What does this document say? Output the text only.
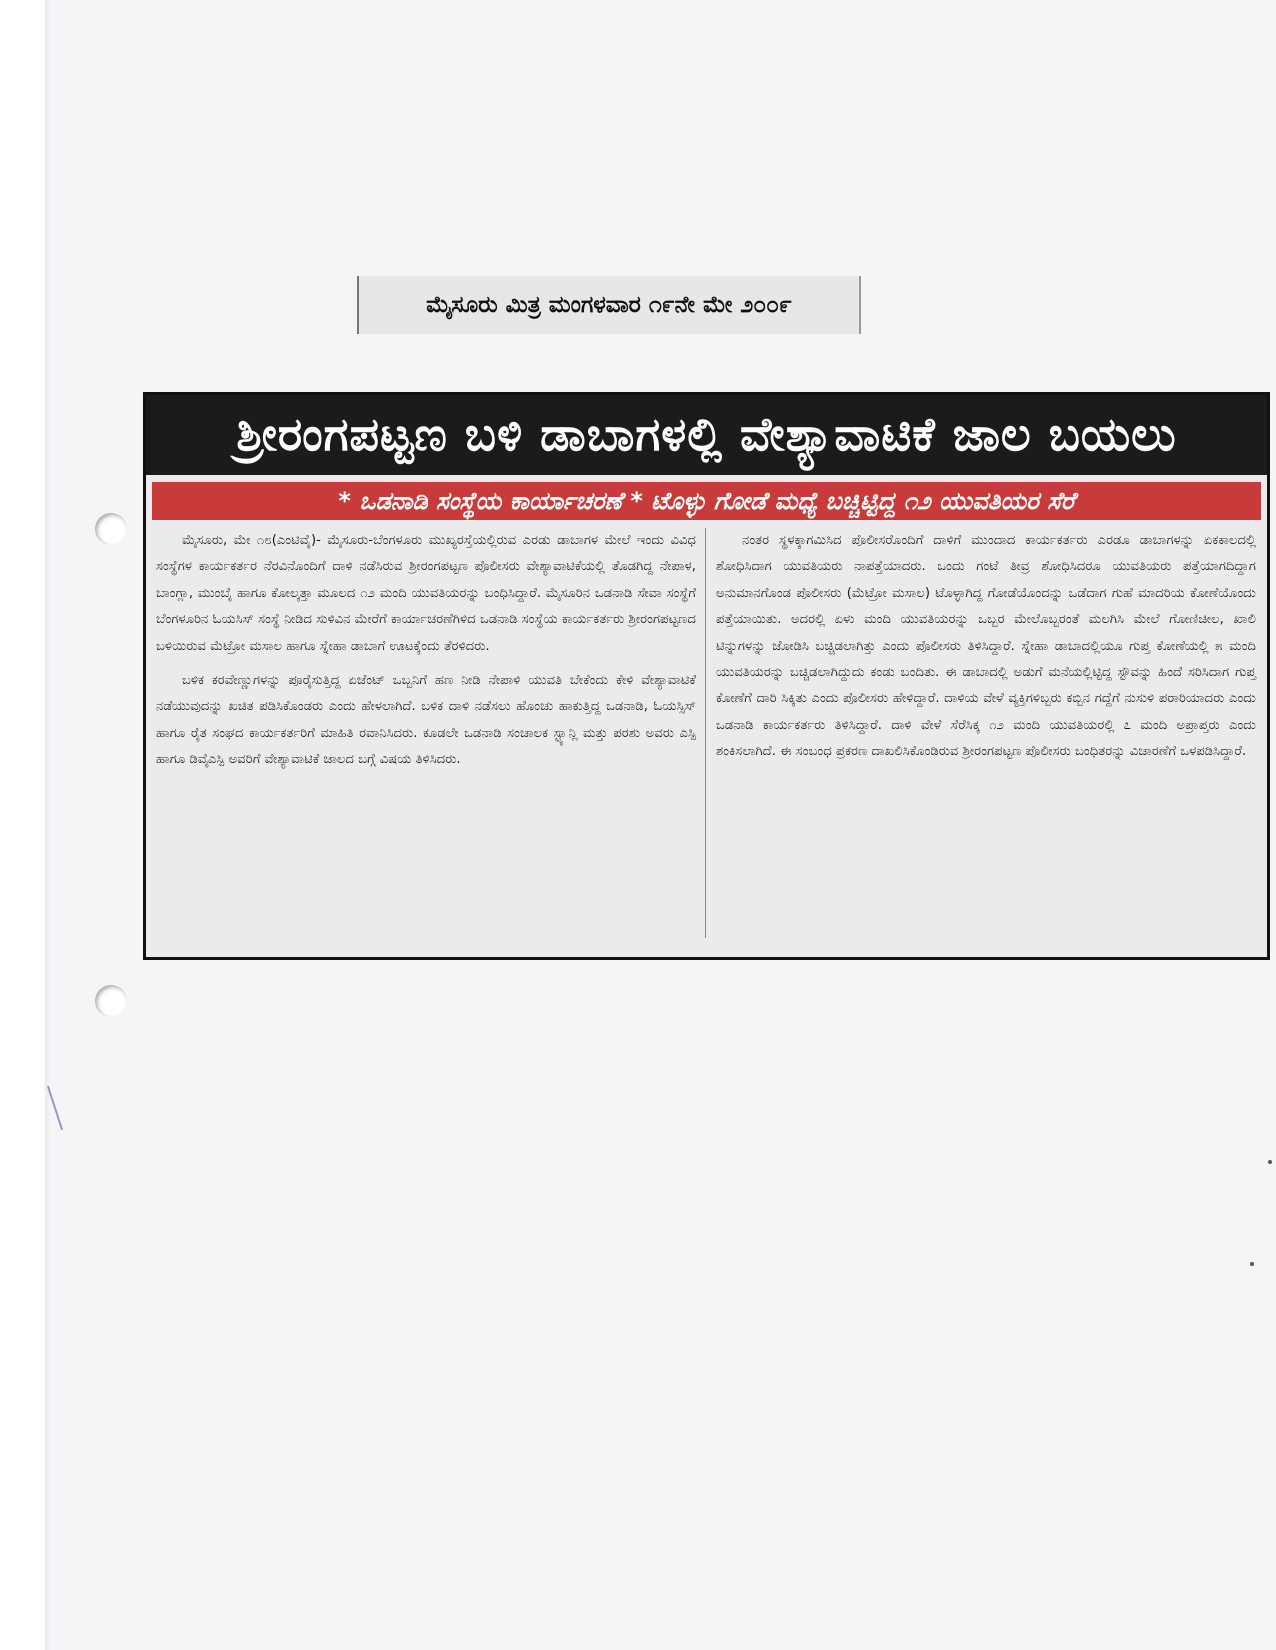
ಮೈಸೂರು ಮಿತ್ರ ಮಂಗಳವಾರ ೧೯ನೇ ಮೇ ೨೦೦೯
ಶ್ರೀರಂಗಪಟ್ಟಣ ಬಳಿ ಡಾಬಾಗಳಲ್ಲಿ ವೇಶ್ಯಾವಾಟಿಕೆ ಜಾಲ ಬಯಲು
* ಒಡನಾಡಿ ಸಂಸ್ಥೆಯ ಕಾರ್ಯಾಚರಣೆ * ಟೊಳ್ಳು ಗೋಡೆ ಮಧ್ಯೆ ಬಚ್ಚಿಟ್ಟಿದ್ದ ೧೨ ಯುವತಿಯರ ಸೆರೆ

ಮೈಸೂರು, ಮೇ ೧೮(ಎಂಟಿವೈ)- ಮೈಸೂರು-ಬೆಂಗಳೂರು ಮುಖ್ಯರಸ್ತೆಯಲ್ಲಿರುವ ಎರಡು ಡಾಬಾಗಳ ಮೇಲೆ ಇಂದು ವಿವಿಧ ಸಂಸ್ಥೆಗಳ ಕಾರ್ಯಕರ್ತರ ನೆರವಿನೊಂದಿಗೆ ದಾಳಿ ನಡೆಸಿರುವ ಶ್ರೀರಂಗಪಟ್ಟಣ ಪೊಲೀಸರು ವೇಶ್ಯಾವಾಟಿಕೆಯಲ್ಲಿ ತೊಡಗಿದ್ದ ನೇಪಾಳ, ಬಾಂಗ್ಲಾ, ಮುಂಬೈ ಹಾಗೂ ಕೋಲ್ಕತ್ತಾ ಮೂಲದ ೧೨ ಮಂದಿ ಯುವತಿಯರನ್ನು ಬಂಧಿಸಿದ್ದಾರೆ. ಮೈಸೂರಿನ ಒಡನಾಡಿ ಸೇವಾ ಸಂಸ್ಥೆಗೆ ಬೆಂಗಳೂರಿನ ಓಯಸಿಸ್ ಸಂಸ್ಥೆ ನೀಡಿದ ಸುಳಿವಿನ ಮೇರೆಗೆ ಕಾರ್ಯಾಚರಣೆಗಿಳಿದ ಒಡನಾಡಿ ಸಂಸ್ಥೆಯ ಕಾರ್ಯಕರ್ತರು ಶ್ರೀರಂಗಪಟ್ಟಣದ ಬಳಿಯಿರುವ ಮೆಟ್ರೋ ಮಸಾಲ ಹಾಗೂ ಸ್ನೇಹಾ ಡಾಬಾಗೆ ಊಟಕ್ಕೆಂದು ತೆರಳಿದರು.

ಬಳಿಕ ಕರವೇಣ್ಣುಗಳನ್ನು ಪೂರೈಸುತ್ತಿದ್ದ ಏಜೆಂಟ್ ಒಬ್ಬನಿಗೆ ಹಣ ನೀಡಿ ನೇಪಾಳಿ ಯುವತಿ ಬೇಕೆಂದು ಕೇಳಿ ವೇಶ್ಯಾವಾಟಿಕೆ ನಡೆಯುವುದನ್ನು ಖಚಿತ ಪಡಿಸಿಕೊಂಡರು ಎಂದು ಹೇಳಲಾಗಿದೆ. ಬಳಿಕ ದಾಳಿ ನಡೆಸಲು ಹೊಂಚು ಹಾಕುತ್ತಿದ್ದ ಒಡನಾಡಿ, ಓಯಸ್ಸಿಸ್ ಹಾಗೂ ರೈತ ಸಂಘದ ಕಾರ್ಯಕರ್ತರಿಗೆ ಮಾಹಿತಿ ರವಾನಿಸಿದರು. ಕೂಡಲೇ ಒಡನಾಡಿ ಸಂಚಾಲಕ ಸ್ಟ್ಯಾನ್ಲಿ ಮತ್ತು ಪರಶು ಅವರು ಎಸ್ಪಿ ಹಾಗೂ ಡಿವೈಎಸ್ಪಿ ಅವರಿಗೆ ವೇಶ್ಯಾವಾಟಿಕೆ ಜಾಲದ ಬಗ್ಗೆ ವಿಷಯ ತಿಳಿಸಿದರು.

ನಂತರ ಸ್ಥಳಕ್ಕಾಗಮಿಸಿದ ಪೊಲೀಸರೊಂದಿಗೆ ದಾಳಿಗೆ ಮುಂದಾದ ಕಾರ್ಯಕರ್ತರು ಎರಡೂ ಡಾಬಾಗಳನ್ನು ಏಕಕಾಲದಲ್ಲಿ ಶೋಧಿಸಿದಾಗ ಯುವತಿಯರು ನಾಪತ್ತೆಯಾದರು. ಒಂದು ಗಂಟೆ ತೀವ್ರ ಶೋಧಿಸಿದರೂ ಯುವತಿಯರು ಪತ್ತೆಯಾಗದಿದ್ದಾಗ ಅನುಮಾನಗೊಂಡ ಪೊಲೀಸರು (ಮೆಟ್ರೋ ಮಸಾಲ) ಟೊಳ್ಳಾಗಿದ್ದ ಗೋಡೆಯೊಂದನ್ನು ಒಡೆದಾಗ ಗುಹೆ ಮಾದರಿಯ ಕೋಣೆಯೊಂದು ಪತ್ತೆಯಾಯಿತು. ಅದರಲ್ಲಿ ಏಳು ಮಂದಿ ಯುವತಿಯರನ್ನು ಒಬ್ಬರ ಮೇಲೊಬ್ಬರಂತೆ ಮಲಗಿಸಿ ಮೇಲೆ ಗೋಣಿಚೀಲ, ಖಾಲಿ ಟಿನ್ನುಗಳನ್ನು ಜೋಡಿಸಿ ಬಚ್ಚಿಡಲಾಗಿತ್ತು ಎಂದು ಪೊಲೀಸರು ತಿಳಿಸಿದ್ದಾರೆ. ಸ್ನೇಹಾ ಡಾಬಾದಲ್ಲಿಯೂ ಗುಪ್ತ ಕೋಣೆಯಲ್ಲಿ ೫ ಮಂದಿ ಯುವತಿಯರನ್ನು ಬಚ್ಚಿಡಲಾಗಿದ್ದುದು ಕಂಡು ಬಂದಿತು. ಈ ಡಾಬಾದಲ್ಲಿ ಅಡುಗೆ ಮನೆಯಲ್ಲಿಟ್ಟಿದ್ದ ಸ್ಟೌವನ್ನು ಹಿಂದೆ ಸರಿಸಿದಾಗ ಗುಪ್ತ ಕೋಣೆಗೆ ದಾರಿ ಸಿಕ್ಕಿತು ಎಂದು ಪೊಲೀಸರು ಹೇಳಿದ್ದಾರೆ. ದಾಳಿಯ ವೇಳೆ ವ್ಯಕ್ತಿಗಳಿಬ್ಬರು ಕಬ್ಬಿನ ಗದ್ದೆಗೆ ನುಸುಳಿ ಪರಾರಿಯಾದರು ಎಂದು ಒಡನಾಡಿ ಕಾರ್ಯಕರ್ತರು ತಿಳಿಸಿದ್ದಾರೆ. ದಾಳಿ ವೇಳೆ ಸೆರೆಸಿಕ್ಕ ೧೨ ಮಂದಿ ಯುವತಿಯರಲ್ಲಿ ೭ ಮಂದಿ ಅಪ್ರಾಪ್ತರು ಎಂದು ಶಂಕಿಸಲಾಗಿದೆ. ಈ ಸಂಬಂಧ ಪ್ರಕರಣ ದಾಖಲಿಸಿಕೊಂಡಿರುವ ಶ್ರೀರಂಗಪಟ್ಟಣ ಪೊಲೀಸರು ಬಂಧಿತರನ್ನು ವಿಚಾರಣೆಗೆ ಒಳಪಡಿಸಿದ್ದಾರೆ.
